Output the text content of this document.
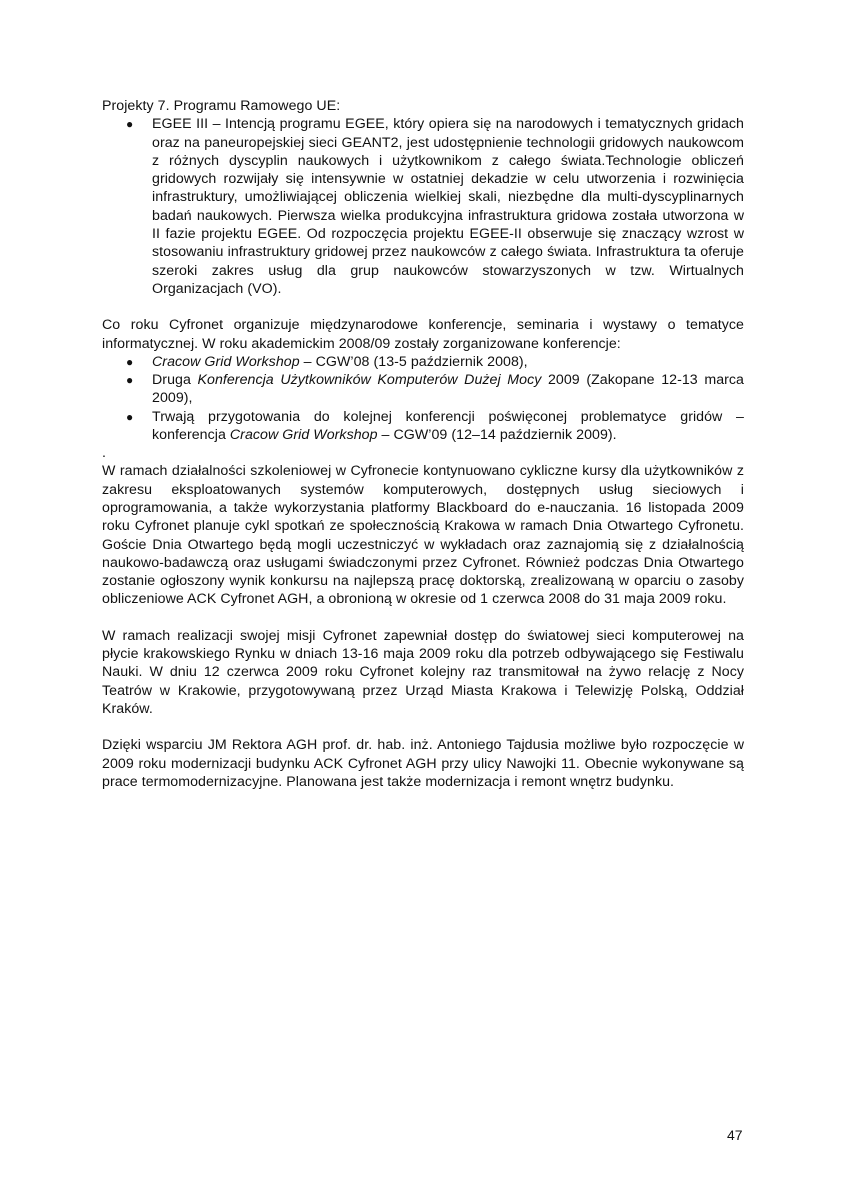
Projekty 7. Programu Ramowego UE:

● EGEE III – Intencją programu EGEE, który opiera się na narodowych i tematycznych gridach oraz na paneuropejskiej sieci GEANT2, jest udostępnienie technologii gridowych naukowcom z różnych dyscyplin naukowych i użytkownikom z całego świata.Technologie obliczeń gridowych rozwijały się intensywnie w ostatniej dekadzie w celu utworzenia i rozwinięcia infrastruktury, umożliwiającej obliczenia wielkiej skali, niezbędne dla multi-dyscyplinarnych badań naukowych. Pierwsza wielka produkcyjna infrastruktura gridowa została utworzona w II fazie projektu EGEE. Od rozpoczęcia projektu EGEE-II obserwuje się znaczący wzrost w stosowaniu infrastruktury gridowej przez naukowców z całego świata. Infrastruktura ta oferuje szeroki zakres usług dla grup naukowców stowarzyszonych w tzw. Wirtualnych Organizacjach (VO).

Co roku Cyfronet organizuje międzynarodowe konferencje, seminaria i wystawy o tematyce informatycznej. W roku akademickim 2008/09 zostały zorganizowane konferencje:

● Cracow Grid Workshop – CGW’08 (13-5 październik 2008),
● Druga Konferencja Użytkowników Komputerów Dużej Mocy 2009 (Zakopane 12-13 marca 2009),
● Trwają przygotowania do kolejnej konferencji poświęconej problematyce gridów – konferencja Cracow Grid Workshop – CGW’09 (12–14 październik 2009).
.

W ramach działalności szkoleniowej w Cyfronecie kontynuowano cykliczne kursy dla użytkowników z zakresu eksploatowanych systemów komputerowych, dostępnych usług sieciowych i oprogramowania, a także wykorzystania platformy Blackboard do e-nauczania. 16 listopada 2009 roku Cyfronet planuje cykl spotkań ze społecznością Krakowa w ramach Dnia Otwartego Cyfronetu. Goście Dnia Otwartego będą mogli uczestniczyć w wykładach oraz zaznajomią się z działalnością naukowo-badawczą oraz usługami świadczonymi przez Cyfronet. Również podczas Dnia Otwartego zostanie ogłoszony wynik konkursu na najlepszą pracę doktorską, zrealizowaną w oparciu o zasoby obliczeniowe ACK Cyfronet AGH, a obronioną w okresie od 1 czerwca 2008 do 31 maja 2009 roku.

W ramach realizacji swojej misji Cyfronet zapewniał dostęp do światowej sieci komputerowej na płycie krakowskiego Rynku w dniach 13-16 maja 2009 roku dla potrzeb odbywającego się Festiwalu Nauki. W dniu 12 czerwca 2009 roku Cyfronet kolejny raz transmitował na żywo relację z Nocy Teatrów w Krakowie, przygotowywaną przez Urząd Miasta Krakowa i Telewizję Polską, Oddział Kraków.

Dzięki wsparciu JM Rektora AGH prof. dr. hab. inż. Antoniego Tajdusia możliwe było rozpoczęcie w 2009 roku modernizacji budynku ACK Cyfronet AGH przy ulicy Nawojki 11. Obecnie wykonywane są prace termomodernizacyjne. Planowana jest także modernizacja i remont wnętrz budynku.

47
